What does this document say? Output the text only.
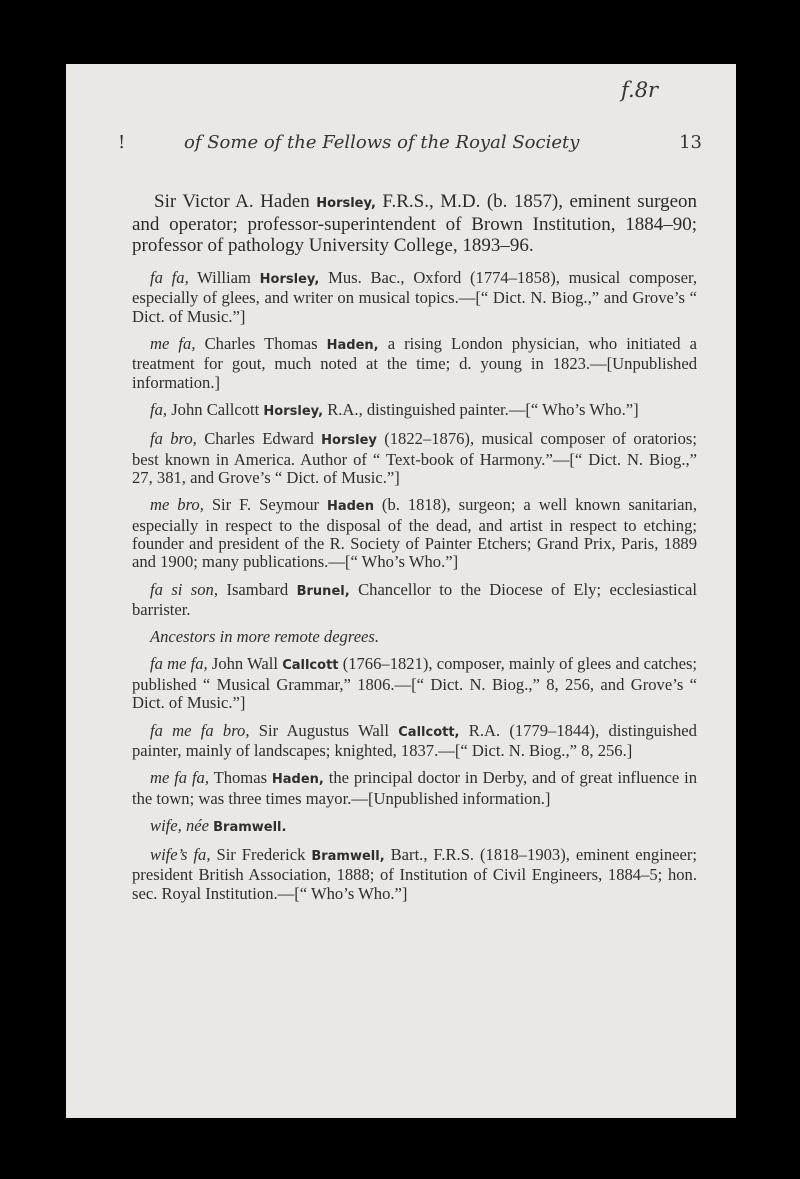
f.8r
!	of Some of the Fellows of the Royal Society	13

Sir Victor A. Haden Horsley, F.R.S., M.D. (b. 1857), eminent surgeon and operator; professor-superintendent of Brown Institution, 1884–90; professor of pathology University College, 1893–96.

fa fa, William Horsley, Mus. Bac., Oxford (1774–1858), musical composer, especially of glees, and writer on musical topics.—[“ Dict. N. Biog.,” and Grove’s “ Dict. of Music.”]

me fa, Charles Thomas Haden, a rising London physician, who initiated a treatment for gout, much noted at the time; d. young in 1823.—[Unpublished information.]

fa, John Callcott Horsley, R.A., distinguished painter.—[“ Who’s Who.”]

fa bro, Charles Edward Horsley (1822–1876), musical composer of oratorios; best known in America. Author of “ Text-book of Harmony.”—[“ Dict. N. Biog.,” 27, 381, and Grove’s “ Dict. of Music.”]

me bro, Sir F. Seymour Haden (b. 1818), surgeon; a well known sanitarian, especially in respect to the disposal of the dead, and artist in respect to etching; founder and president of the R. Society of Painter Etchers; Grand Prix, Paris, 1889 and 1900; many publications.—[“ Who’s Who.”]

fa si son, Isambard Brunel, Chancellor to the Diocese of Ely; ecclesiastical barrister.

Ancestors in more remote degrees.

fa me fa, John Wall Callcott (1766–1821), composer, mainly of glees and catches; published “ Musical Grammar,” 1806.—[“ Dict. N. Biog.,” 8, 256, and Grove’s “ Dict. of Music.”]

fa me fa bro, Sir Augustus Wall Callcott, R.A. (1779–1844), distinguished painter, mainly of landscapes; knighted, 1837.—[“ Dict. N. Biog.,” 8, 256.]

me fa fa, Thomas Haden, the principal doctor in Derby, and of great influence in the town; was three times mayor.—[Unpublished information.]

wife, née Bramwell.

wife’s fa, Sir Frederick Bramwell, Bart., F.R.S. (1818–1903), eminent engineer; president British Association, 1888; of Institution of Civil Engineers, 1884–5; hon. sec. Royal Institution.—[“ Who’s Who.”]
